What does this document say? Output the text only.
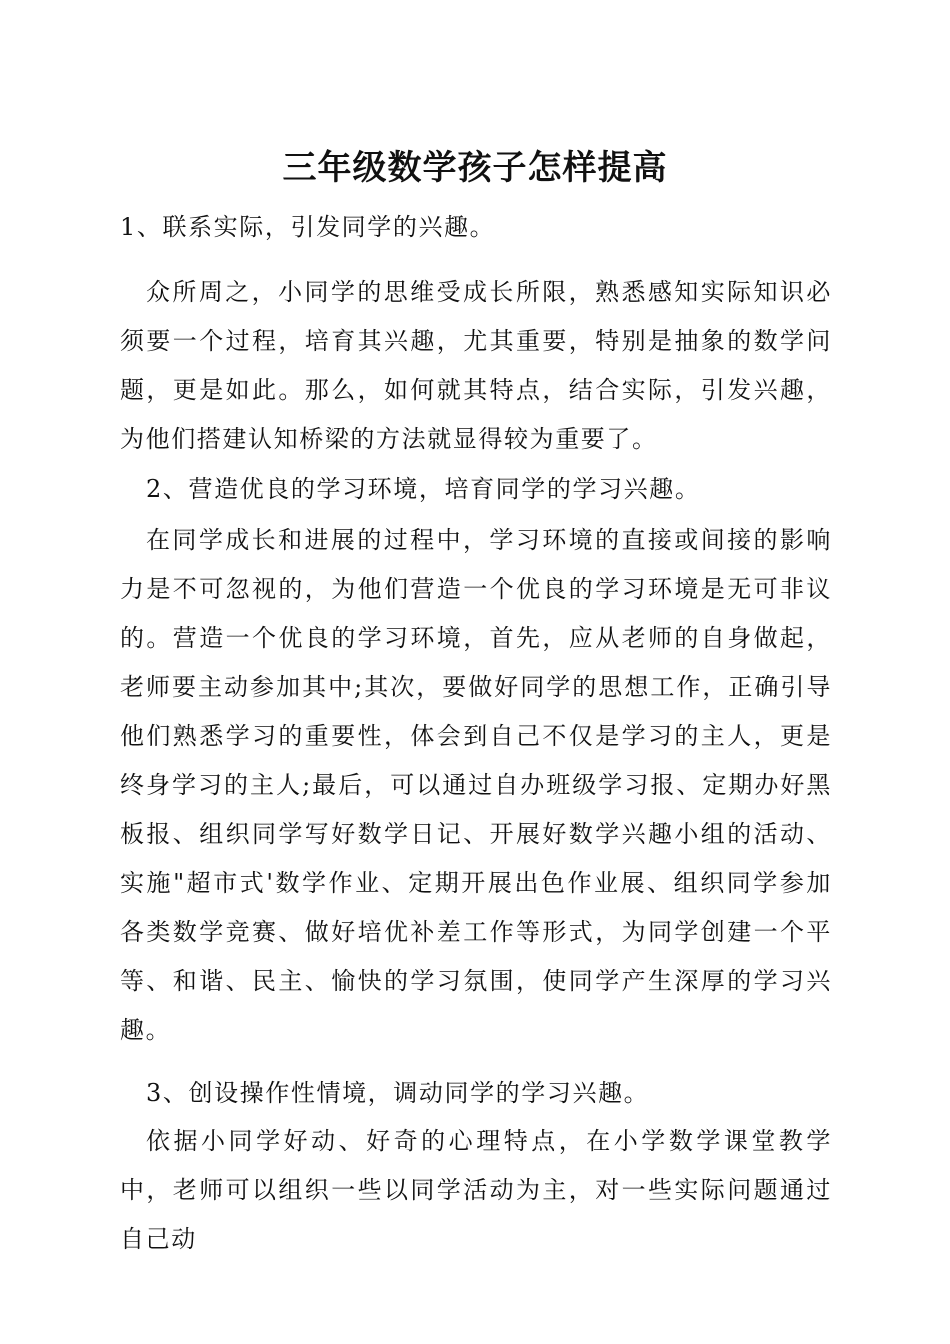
三年级数学孩子怎样提高

1、联系实际，引发同学的兴趣。

众所周之，小同学的思维受成长所限，熟悉感知实际知识必须要一个过程，培育其兴趣，尤其重要，特别是抽象的数学问题，更是如此。那么，如何就其特点，结合实际，引发兴趣，为他们搭建认知桥梁的方法就显得较为重要了。

2、营造优良的学习环境，培育同学的学习兴趣。

在同学成长和进展的过程中，学习环境的直接或间接的影响力是不可忽视的，为他们营造一个优良的学习环境是无可非议的。营造一个优良的学习环境，首先，应从老师的自身做起，老师要主动参加其中;其次，要做好同学的思想工作，正确引导他们熟悉学习的重要性，体会到自己不仅是学习的主人，更是终身学习的主人;最后，可以通过自办班级学习报、定期办好黑板报、组织同学写好数学日记、开展好数学兴趣小组的活动、实施"超市式'数学作业、定期开展出色作业展、组织同学参加各类数学竞赛、做好培优补差工作等形式，为同学创建一个平等、和谐、民主、愉快的学习氛围，使同学产生深厚的学习兴趣。

3、创设操作性情境，调动同学的学习兴趣。

依据小同学好动、好奇的心理特点，在小学数学课堂教学中，老师可以组织一些以同学活动为主，对一些实际问题通过自己动
